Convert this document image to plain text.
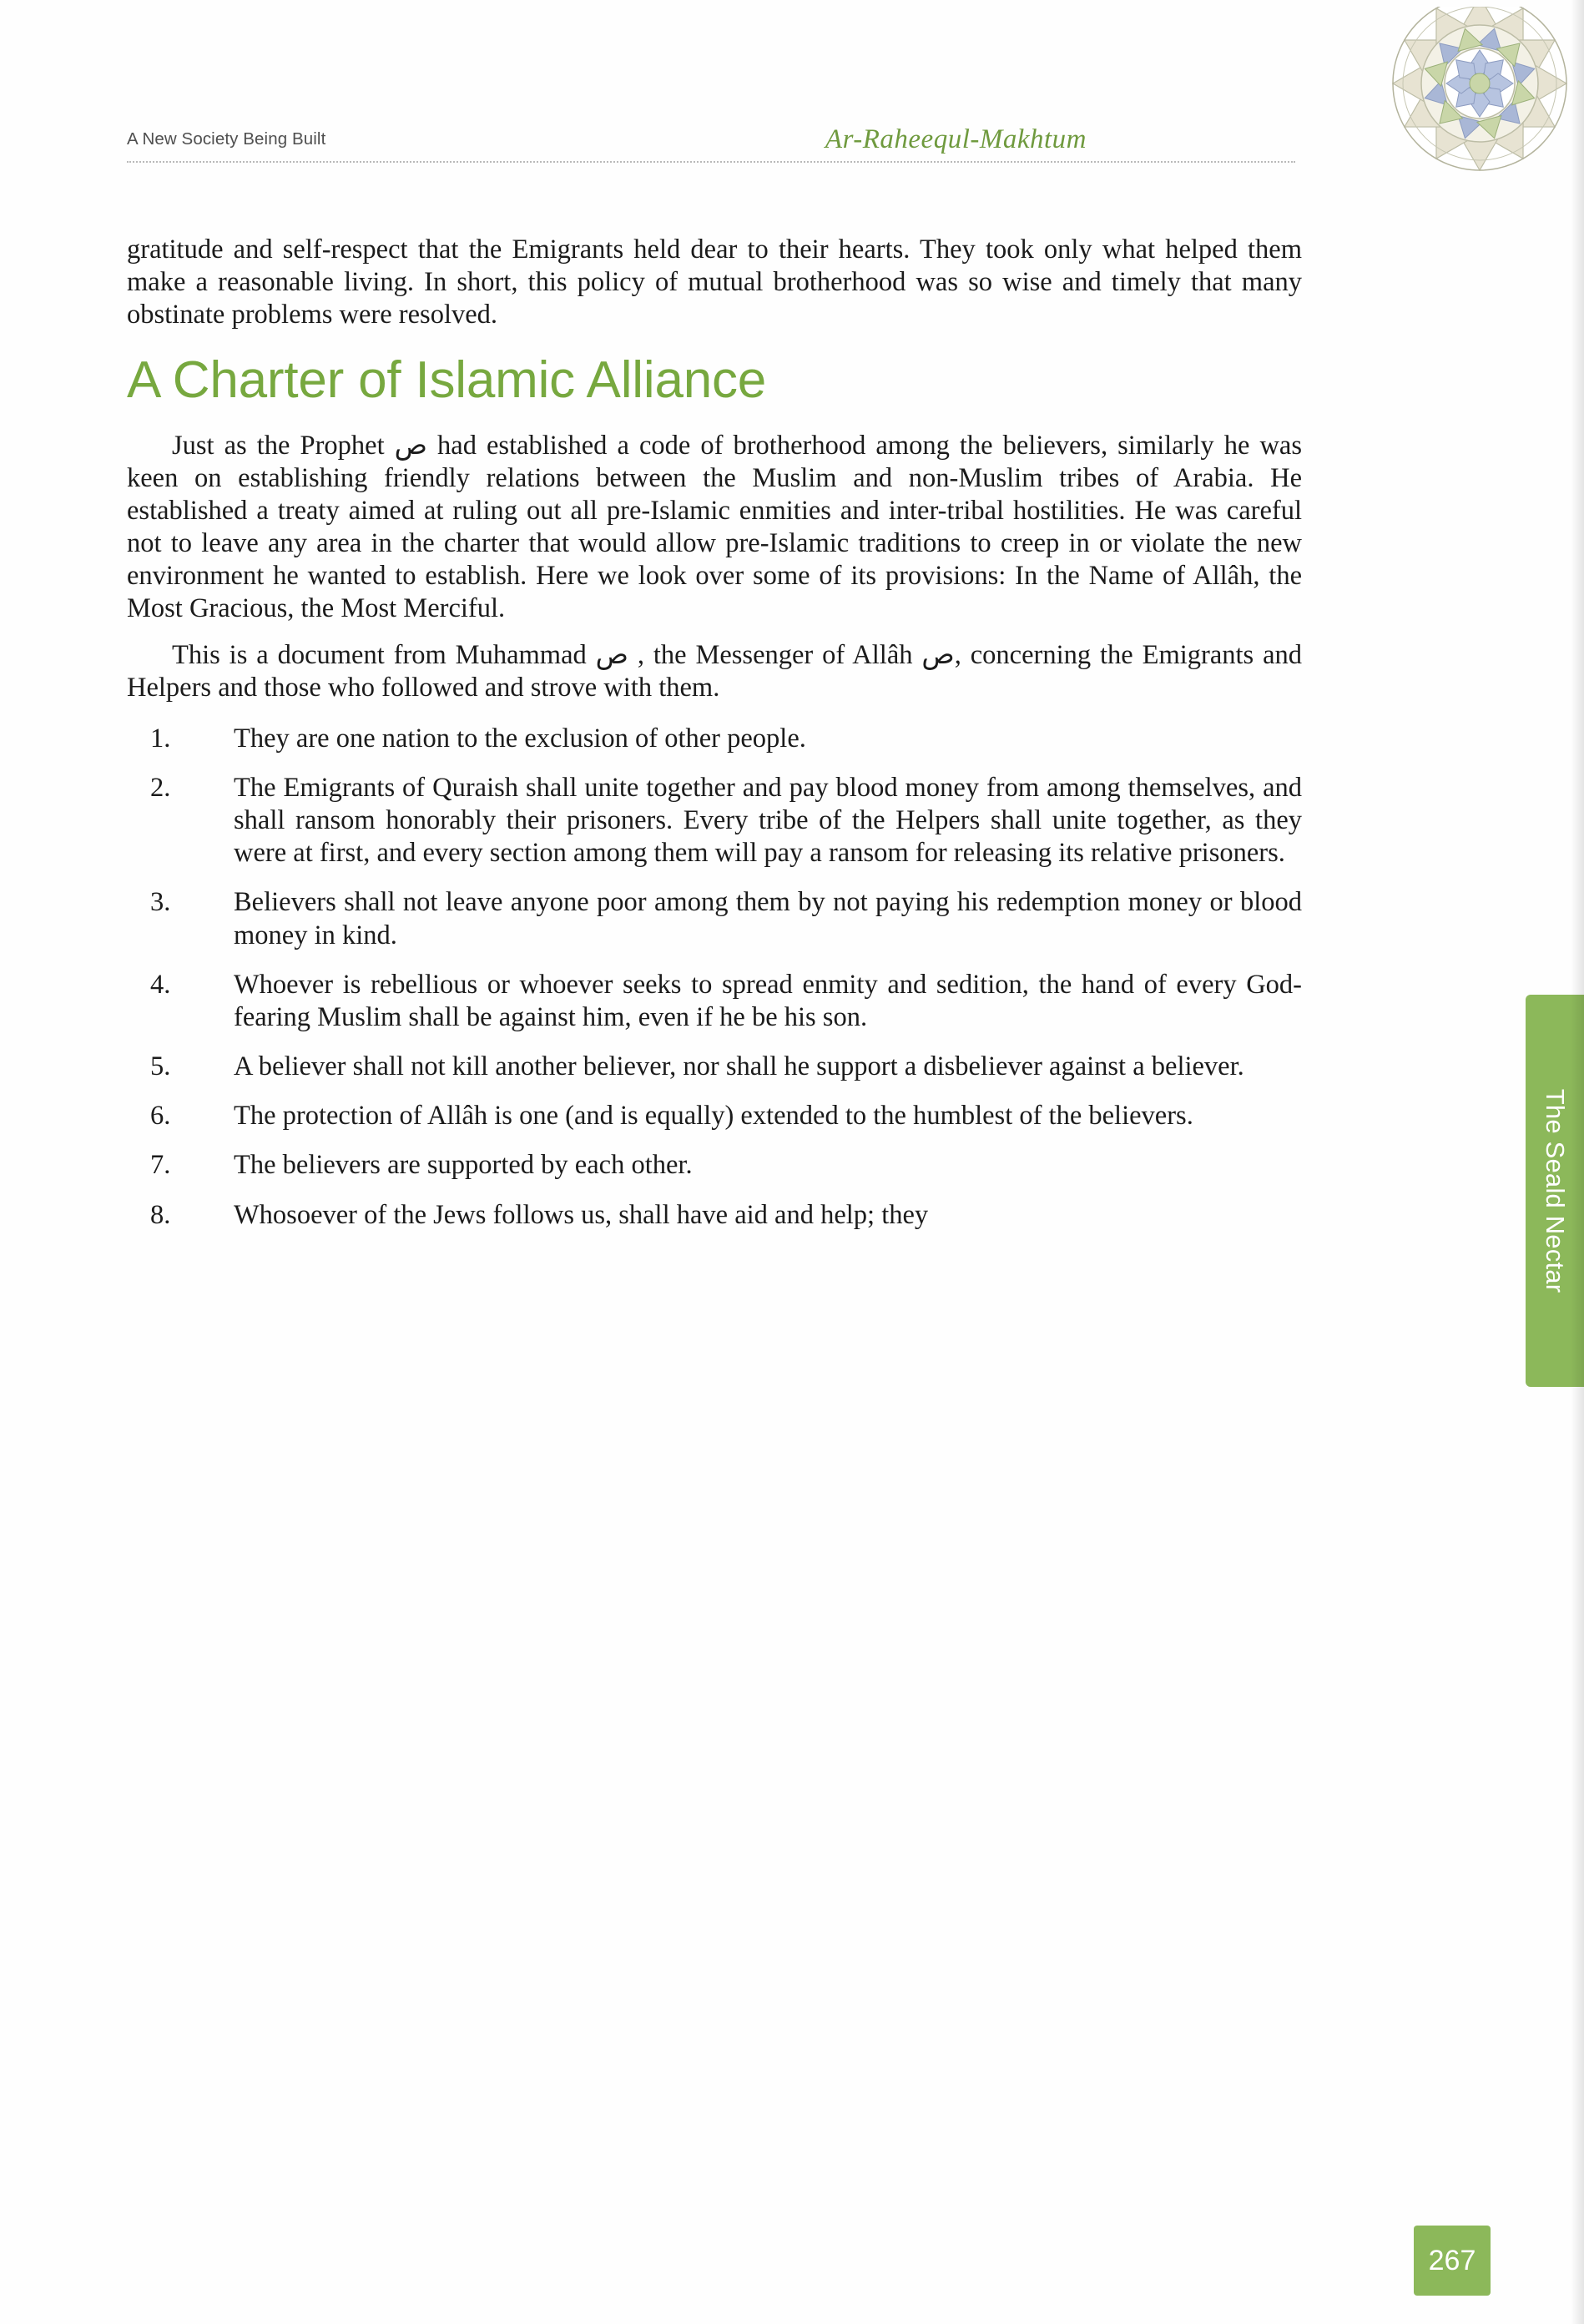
A New Society Being Built	Ar-Raheequl-Makhtum

gratitude and self-respect that the Emigrants held dear to their hearts. They took only what helped them make a reasonable living. In short, this policy of mutual brotherhood was so wise and timely that many obstinate problems were resolved.

A Charter of Islamic Alliance

Just as the Prophet ص had established a code of brotherhood among the believers, similarly he was keen on establishing friendly relations between the Muslim and non-Muslim tribes of Arabia. He established a treaty aimed at ruling out all pre-Islamic enmities and inter-tribal hostilities. He was careful not to leave any area in the charter that would allow pre-Islamic traditions to creep in or violate the new environment he wanted to establish. Here we look over some of its provisions: In the Name of Allâh, the Most Gracious, the Most Merciful.

This is a document from Muhammad ص , the Messenger of Allâh ص, concerning the Emigrants and Helpers and those who followed and strove with them.

1.	They are one nation to the exclusion of other people.
2.	The Emigrants of Quraish shall unite together and pay blood money from among themselves, and shall ransom honorably their prisoners. Every tribe of the Helpers shall unite together, as they were at first, and every section among them will pay a ransom for releasing its relative prisoners.
3.	Believers shall not leave anyone poor among them by not paying his redemption money or blood money in kind.
4.	Whoever is rebellious or whoever seeks to spread enmity and sedition, the hand of every God-fearing Muslim shall be against him, even if he be his son.
5.	A believer shall not kill another believer, nor shall he support a disbeliever against a believer.
6.	The protection of Allâh is one (and is equally) extended to the humblest of the believers.
7.	The believers are supported by each other.
8.	Whosoever of the Jews follows us, shall have aid and help; they	The Seald Nectar
267
